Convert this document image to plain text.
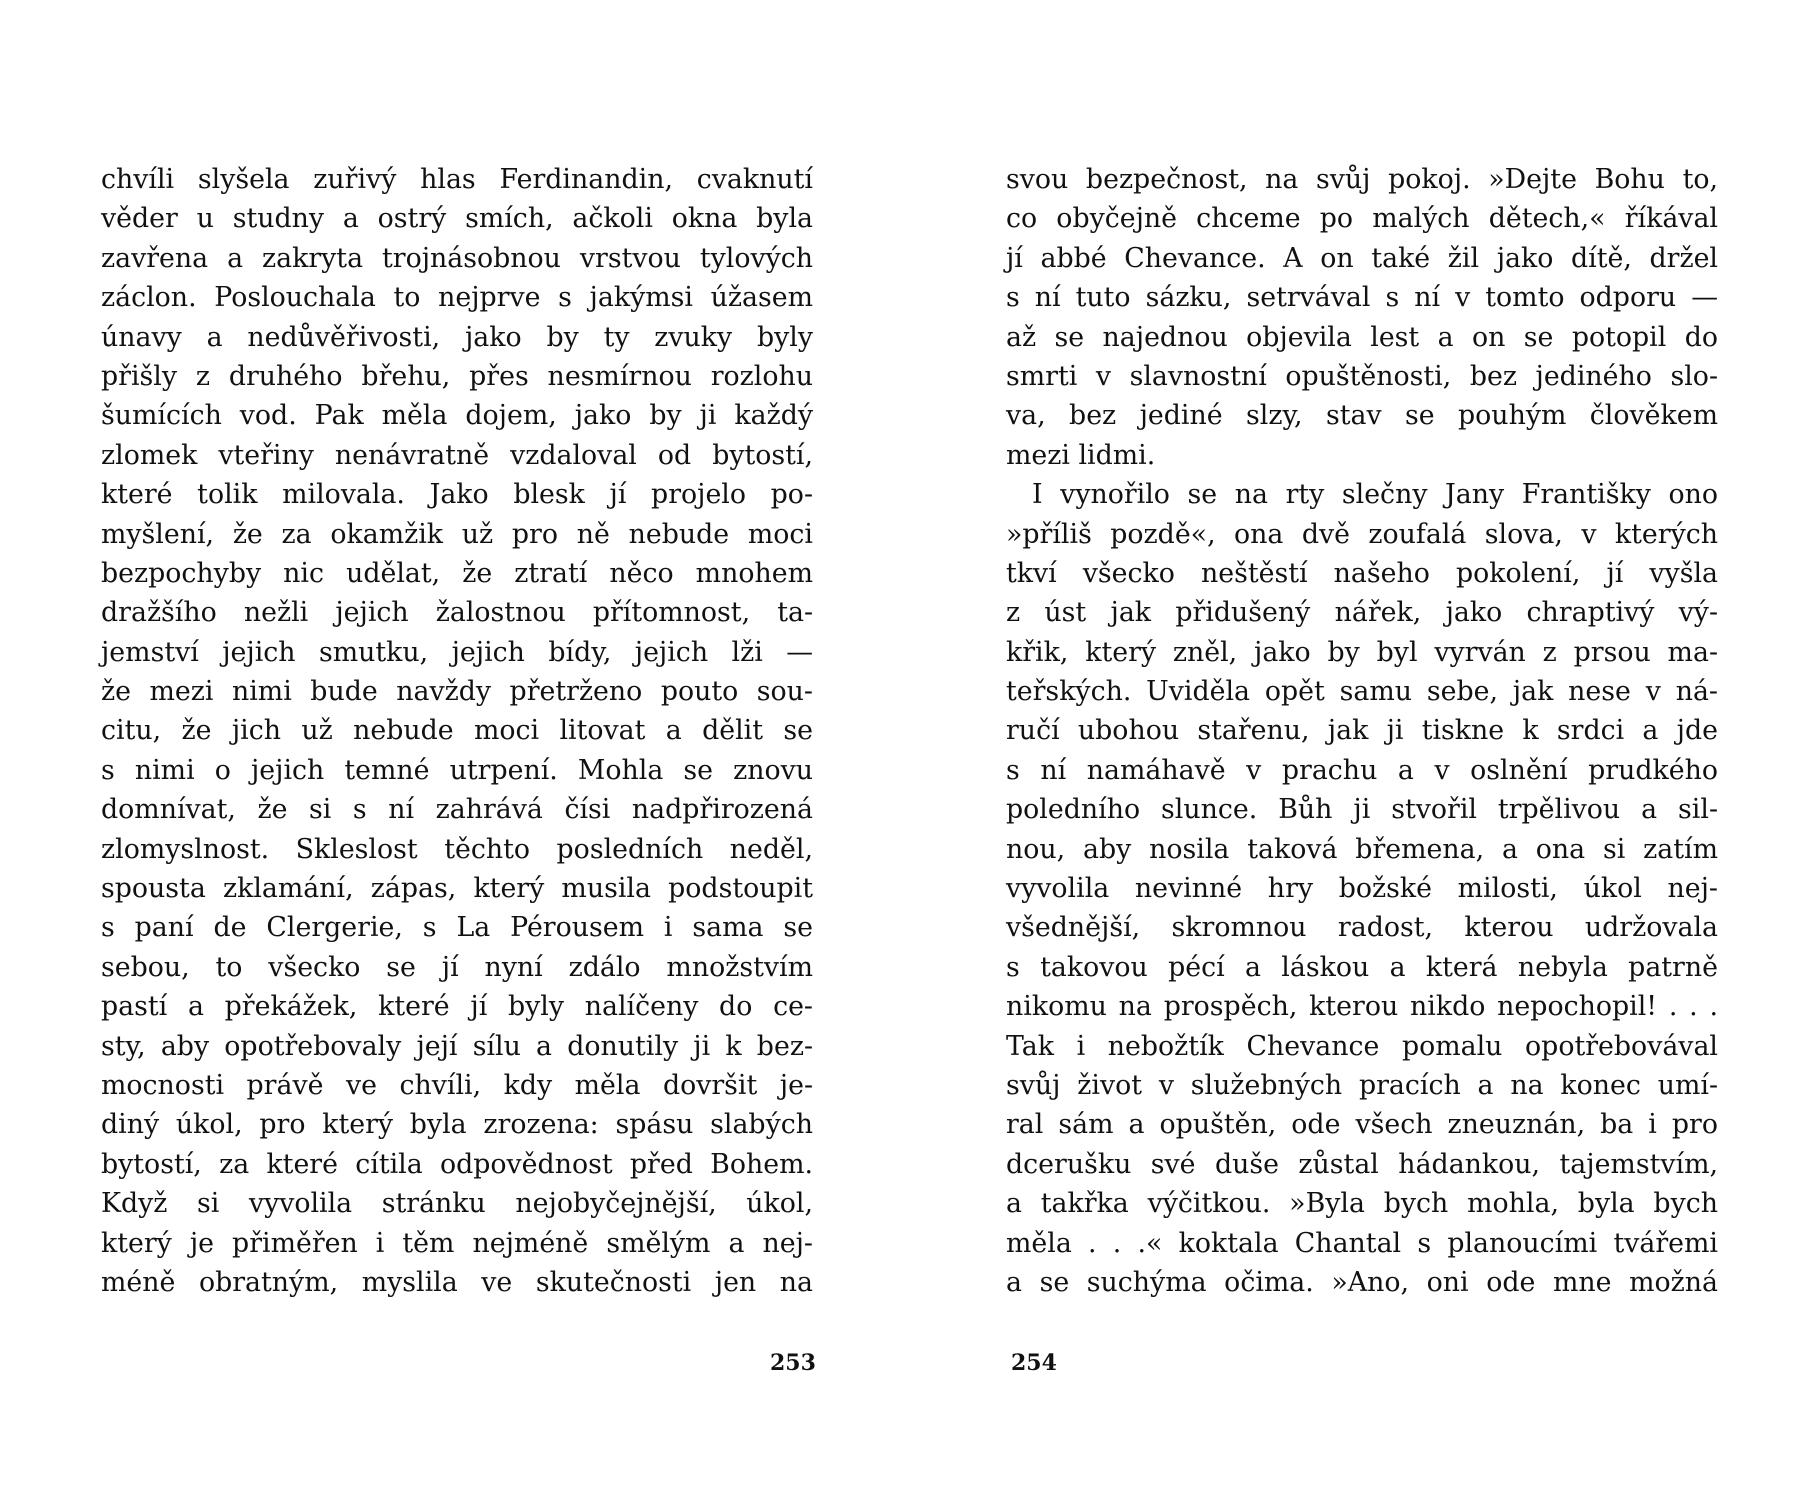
chvíli slyšela zuřivý hlas Ferdinandin, cvaknutí
věder u studny a ostrý smích, ačkoli okna byla
zavřena a zakryta trojnásobnou vrstvou tylových
záclon. Poslouchala to nejprve s jakýmsi úžasem
únavy a nedůvěřivosti, jako by ty zvuky byly
přišly z druhého břehu, přes nesmírnou rozlohu
šumících vod. Pak měla dojem, jako by ji každý
zlomek vteřiny nenávratně vzdaloval od bytostí,
které tolik milovala. Jako blesk jí projelo po-
myšlení, že za okamžik už pro ně nebude moci
bezpochyby nic udělat, že ztratí něco mnohem
dražšího nežli jejich žalostnou přítomnost, ta-
jemství jejich smutku, jejich bídy, jejich lži —
že mezi nimi bude navždy přetrženo pouto sou-
citu, že jich už nebude moci litovat a dělit se
s nimi o jejich temné utrpení. Mohla se znovu
domnívat, že si s ní zahrává čísi nadpřirozená
zlomyslnost. Skleslost těchto posledních neděl,
spousta zklamání, zápas, který musila podstoupit
s paní de Clergerie, s La Pérousem i sama se
sebou, to všecko se jí nyní zdálo množstvím
pastí a překážek, které jí byly nalíčeny do ce-
sty, aby opotřebovaly její sílu a donutily ji k bez-
mocnosti právě ve chvíli, kdy měla dovršit je-
diný úkol, pro který byla zrozena: spásu slabých
bytostí, za které cítila odpovědnost před Bohem.
Když si vyvolila stránku nejobyčejnější, úkol,
který je přiměřen i těm nejméně smělým a nej-
méně obratným, myslila ve skutečnosti jen na
253
svou bezpečnost, na svůj pokoj. »Dejte Bohu to,
co obyčejně chceme po malých dětech,« říkával
jí abbé Chevance. A on také žil jako dítě, držel
s ní tuto sázku, setrvával s ní v tomto odporu —
až se najednou objevila lest a on se potopil do
smrti v slavnostní opuštěnosti, bez jediného slo-
va, bez jediné slzy, stav se pouhým člověkem
mezi lidmi.
I vynořilo se na rty slečny Jany Františky ono
»příliš pozdě«, ona dvě zoufalá slova, v kterých
tkví všecko neštěstí našeho pokolení, jí vyšla
z úst jak přidušený nářek, jako chraptivý vý-
křik, který zněl, jako by byl vyrván z prsou ma-
teřských. Uviděla opět samu sebe, jak nese v ná-
ručí ubohou stařenu, jak ji tiskne k srdci a jde
s ní namáhavě v prachu a v oslnění prudkého
poledního slunce. Bůh ji stvořil trpělivou a sil-
nou, aby nosila taková břemena, a ona si zatím
vyvolila nevinné hry božské milosti, úkol nej-
všednější, skromnou radost, kterou udržovala
s takovou pécí a láskou a která nebyla patrně
nikomu na prospěch, kterou nikdo nepochopil! . . .
Tak i nebožtík Chevance pomalu opotřebovával
svůj život v služebných pracích a na konec umí-
ral sám a opuštěn, ode všech zneuznán, ba i pro
dcerušku své duše zůstal hádankou, tajemstvím,
a takřka výčitkou. »Byla bych mohla, byla bych
měla . . .« koktala Chantal s planoucími tvářemi
a se suchýma očima. »Ano, oni ode mne možná
254
